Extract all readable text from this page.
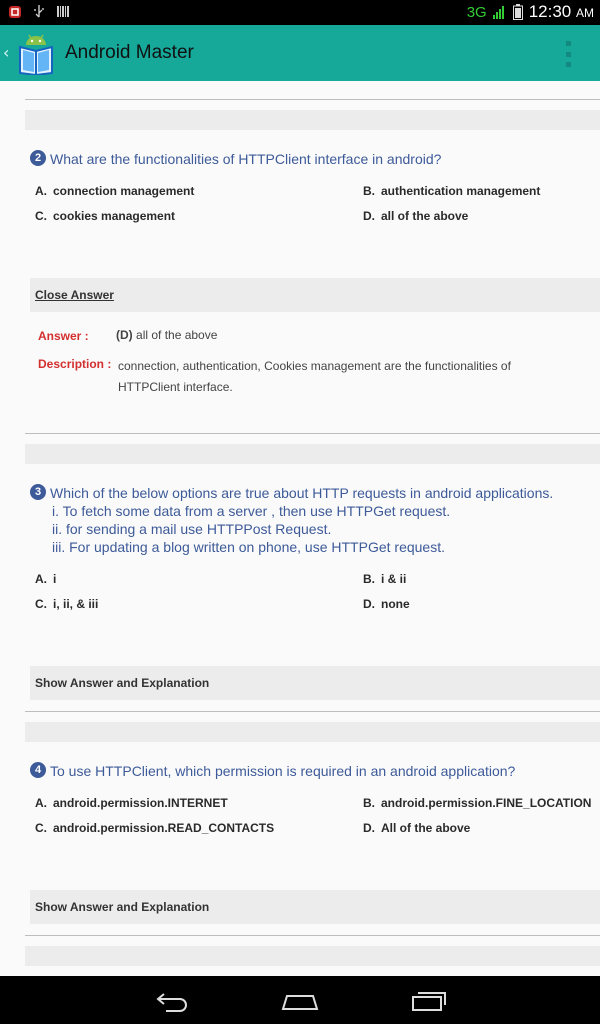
3G 12:30 AM
‹	Android Master
2 What are the functionalities of HTTPClient interface in android?
A. connection management	B. authentication management
C. cookies management	D. all of the above
Close Answer
Answer : (D) all of the above
Description : connection, authentication, Cookies management are the functionalities of
HTTPClient interface.
3 Which of the below options are true about HTTP requests in android applications.
i. To fetch some data from a server , then use HTTPGet request.
ii. for sending a mail use HTTPPost Request.
iii. For updating a blog written on phone, use HTTPGet request.
A. i	B. i & ii
C. i, ii, & iii	D. none
Show Answer and Explanation
4 To use HTTPClient, which permission is required in an android application?
A. android.permission.INTERNET	B. android.permission.FINE_LOCATION
C. android.permission.READ_CONTACTS	D. All of the above
Show Answer and Explanation
